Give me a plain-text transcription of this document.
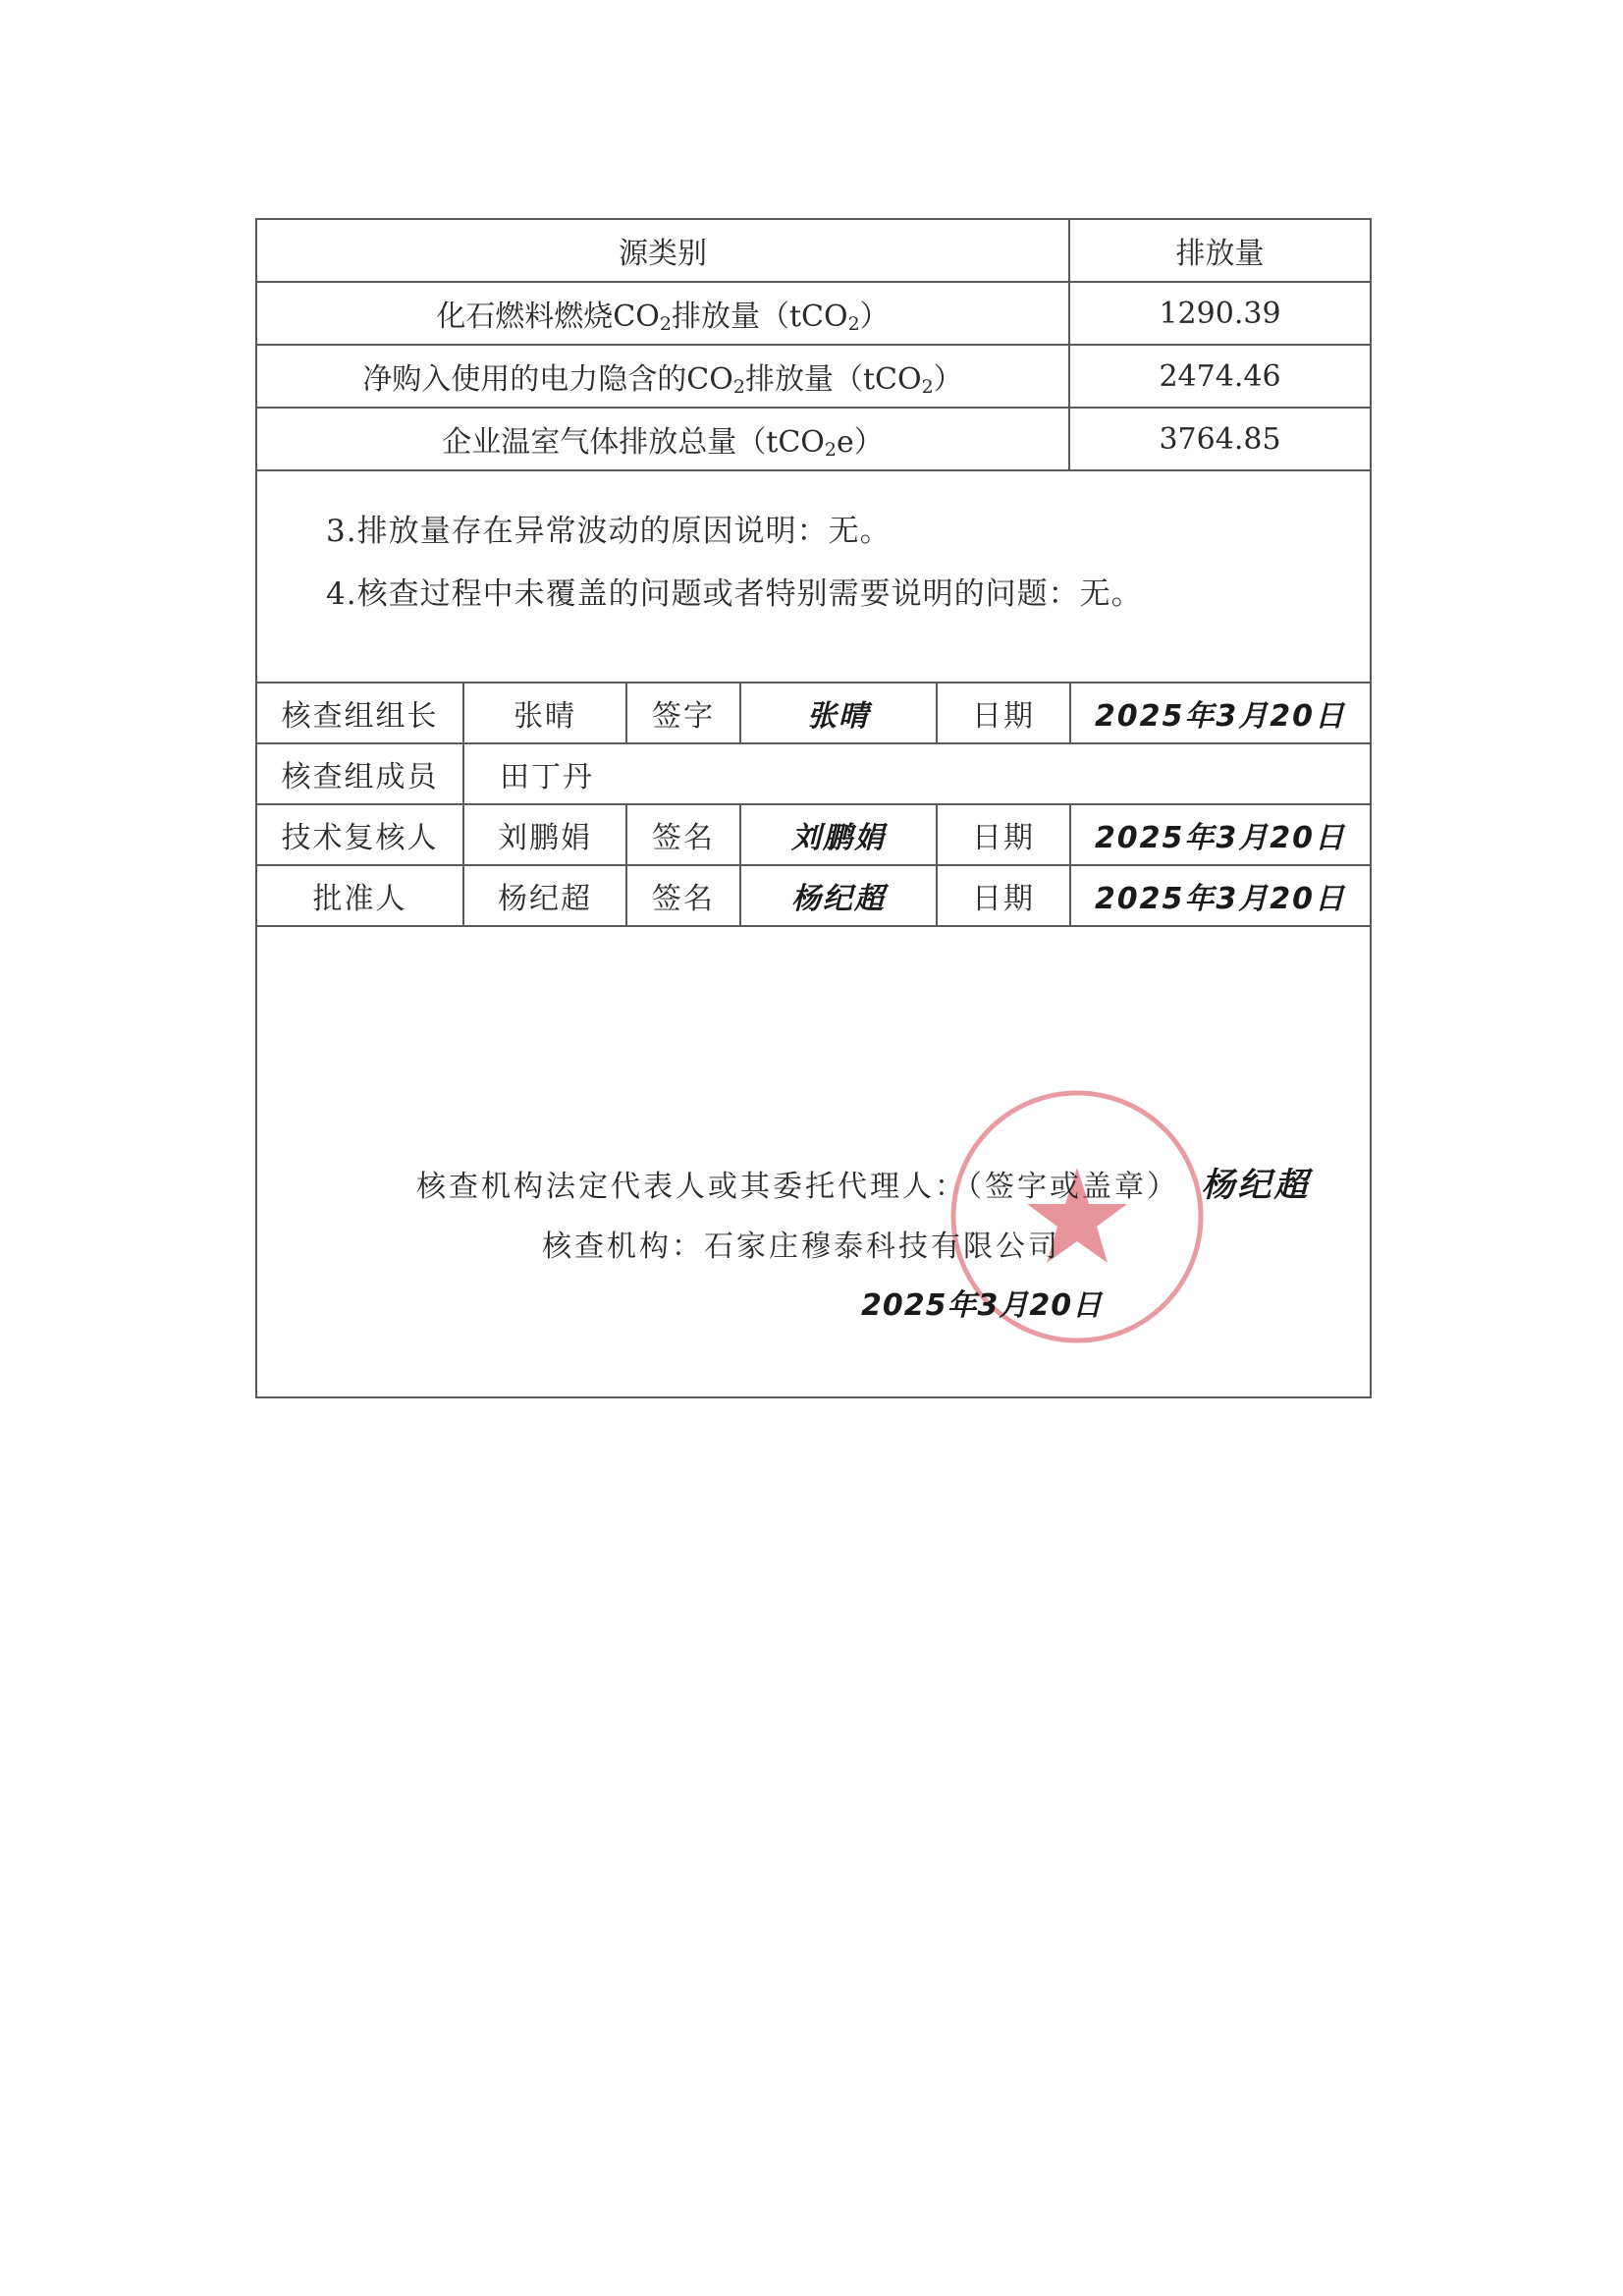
源类别	排放量
化石燃料燃烧$CO_2$排放量（tCO$_2$）	1290.39
净购入使用的电力隐含的$CO_2$排放量（tCO$_2$）	2474.46
企业温室气体排放总量（tCO$_2$e）	3764.85
3.排放量存在异常波动的原因说明：无。
4.核查过程中未覆盖的问题或者特别需要说明的问题：无。
核查组组长	张晴	签字	张晴	日期	2025年3月20日
核查组成员	田丁丹				
技术复核人	刘鹏娟	签名	刘鹏娟	日期	2025年3月20日
批准人	杨纪超	签名	杨纪超	日期	2025年3月20日
核查机构法定代表人或其委托代理人：（签字或盖章） 杨纪超
核查机构：石家庄穆泰科技有限公司
2025年3月20日
